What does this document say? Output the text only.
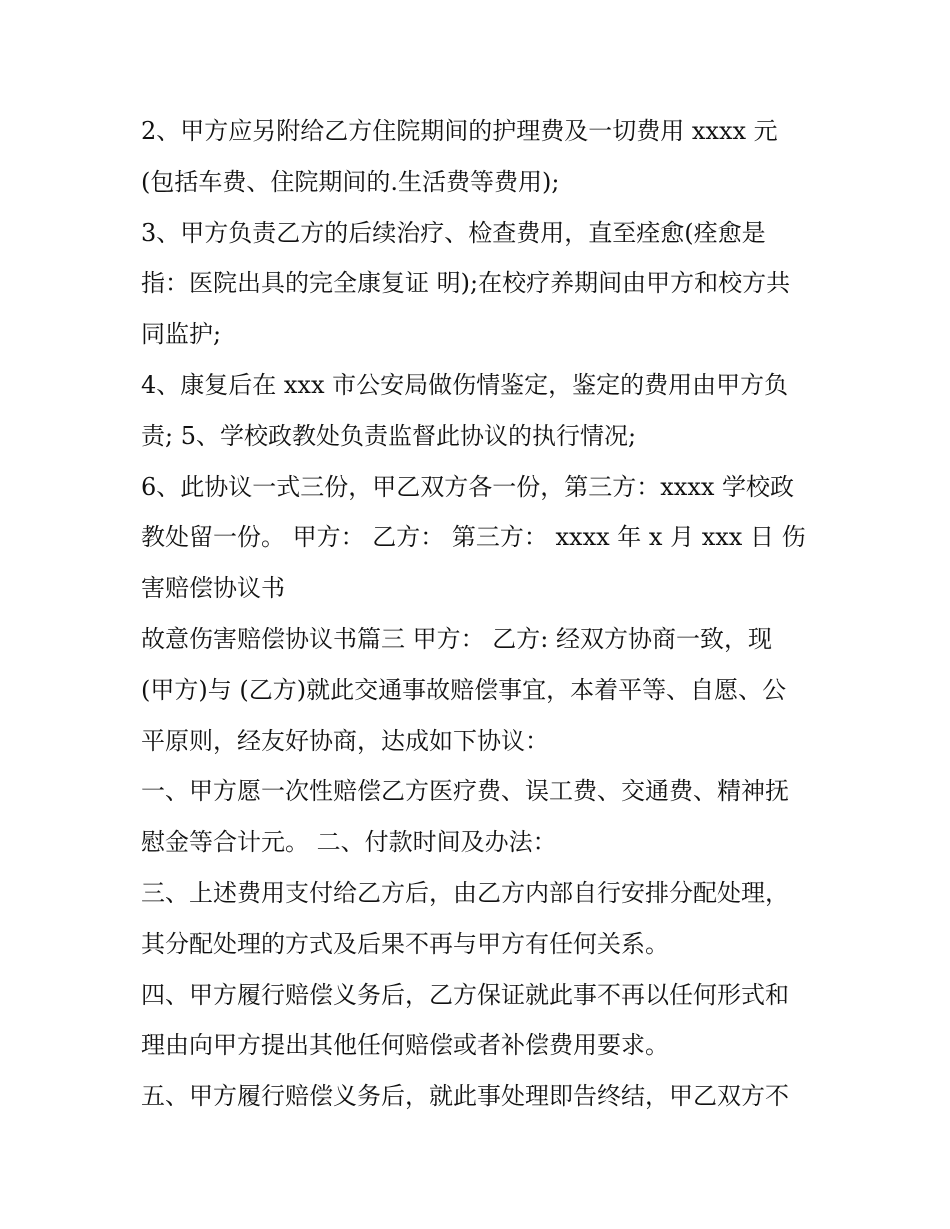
2、甲方应另附给乙方住院期间的护理费及一切费用 xxxx 元
(包括车费、住院期间的.生活费等费用);
3、甲方负责乙方的后续治疗、检查费用，直至痊愈(痊愈是
指：医院出具的完全康复证 明);在校疗养期间由甲方和校方共
同监护;
4、康复后在 xxx 市公安局做伤情鉴定，鉴定的费用由甲方负
责; 5、学校政教处负责监督此协议的执行情况;
6、此协议一式三份，甲乙双方各一份，第三方：xxxx 学校政
教处留一份。 甲方： 乙方： 第三方： xxxx 年 x 月 xxx 日 伤
害赔偿协议书
故意伤害赔偿协议书篇三 甲方： 乙方: 经双方协商一致，现
(甲方)与 (乙方)就此交通事故赔偿事宜，本着平等、自愿、公
平原则，经友好协商，达成如下协议：
一、甲方愿一次性赔偿乙方医疗费、误工费、交通费、精神抚
慰金等合计元。 二、付款时间及办法：
三、上述费用支付给乙方后，由乙方内部自行安排分配处理，
其分配处理的方式及后果不再与甲方有任何关系。
四、甲方履行赔偿义务后，乙方保证就此事不再以任何形式和
理由向甲方提出其他任何赔偿或者补偿费用要求。
五、甲方履行赔偿义务后，就此事处理即告终结，甲乙双方不
